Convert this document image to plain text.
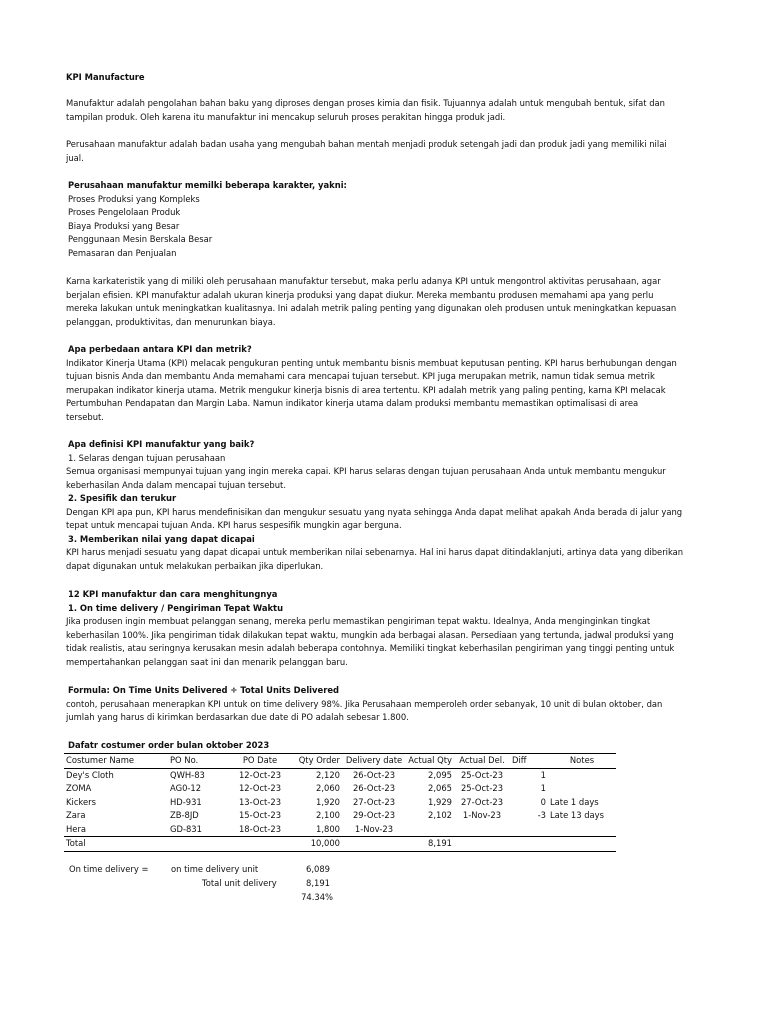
KPI Manufacture
Manufaktur adalah pengolahan bahan baku yang diproses dengan proses kimia dan fisik. Tujuannya adalah untuk mengubah bentuk, sifat dan
tampilan produk. Oleh karena itu manufaktur ini mencakup seluruh proses perakitan hingga produk jadi.
Perusahaan manufaktur adalah badan usaha yang mengubah bahan mentah menjadi produk setengah jadi dan produk jadi yang memiliki nilai
jual.
Perusahaan manufaktur memilki beberapa karakter, yakni:
Proses Produksi yang Kompleks
Proses Pengelolaan Produk
Biaya Produksi yang Besar
Penggunaan Mesin Berskala Besar
Pemasaran dan Penjualan
Karna karkateristik yang di miliki oleh perusahaan manufaktur tersebut, maka perlu adanya KPI untuk mengontrol aktivitas perusahaan, agar
berjalan efisien. KPI manufaktur adalah ukuran kinerja produksi yang dapat diukur. Mereka membantu produsen memahami apa yang perlu
mereka lakukan untuk meningkatkan kualitasnya. Ini adalah metrik paling penting yang digunakan oleh produsen untuk meningkatkan kepuasan
pelanggan, produktivitas, dan menurunkan biaya.
Apa perbedaan antara KPI dan metrik?
Indikator Kinerja Utama (KPI) melacak pengukuran penting untuk membantu bisnis membuat keputusan penting. KPI harus berhubungan dengan
tujuan bisnis Anda dan membantu Anda memahami cara mencapai tujuan tersebut. KPI juga merupakan metrik, namun tidak semua metrik
merupakan indikator kinerja utama. Metrik mengukur kinerja bisnis di area tertentu. KPI adalah metrik yang paling penting, karna KPI melacak
Pertumbuhan Pendapatan dan Margin Laba. Namun indikator kinerja utama dalam produksi membantu memastikan optimalisasi di area
tersebut.
Apa definisi KPI manufaktur yang baik?
1. Selaras dengan tujuan perusahaan
Semua organisasi mempunyai tujuan yang ingin mereka capai. KPI harus selaras dengan tujuan perusahaan Anda untuk membantu mengukur
keberhasilan Anda dalam mencapai tujuan tersebut.
2. Spesifik dan terukur
Dengan KPI apa pun, KPI harus mendefinisikan dan mengukur sesuatu yang nyata sehingga Anda dapat melihat apakah Anda berada di jalur yang
tepat untuk mencapai tujuan Anda. KPI harus sespesifik mungkin agar berguna.
3. Memberikan nilai yang dapat dicapai
KPI harus menjadi sesuatu yang dapat dicapai untuk memberikan nilai sebenarnya. Hal ini harus dapat ditindaklanjuti, artinya data yang diberikan
dapat digunakan untuk melakukan perbaikan jika diperlukan.
12 KPI manufaktur dan cara menghitungnya
1. On time delivery / Pengiriman Tepat Waktu
Jika produsen ingin membuat pelanggan senang, mereka perlu memastikan pengiriman tepat waktu. Idealnya, Anda menginginkan tingkat
keberhasilan 100%. Jika pengiriman tidak dilakukan tepat waktu, mungkin ada berbagai alasan. Persediaan yang tertunda, jadwal produksi yang
tidak realistis, atau seringnya kerusakan mesin adalah beberapa contohnya. Memiliki tingkat keberhasilan pengiriman yang tinggi penting untuk
mempertahankan pelanggan saat ini dan menarik pelanggan baru.
Formula: On Time Units Delivered ÷ Total Units Delivered
contoh, perusahaan menerapkan KPI untuk on time delivery 98%. Jika Perusahaan memperoleh order sebanyak, 10 unit di bulan oktober, dan
jumlah yang harus di kirimkan berdasarkan due date di PO adalah sebesar 1.800.
Dafatr costumer order bulan oktober 2023
Costumer Name	PO No.	PO Date	Qty Order	Delivery date	Actual Qty	Actual Del.	Diff	Notes
Dey's Cloth	QWH-83	12-Oct-23	2,120	26-Oct-23	2,095	25-Oct-23	1	
ZOMA	AG0-12	12-Oct-23	2,060	26-Oct-23	2,065	25-Oct-23	1	
Kickers	HD-931	13-Oct-23	1,920	27-Oct-23	1,929	27-Oct-23	0	Late 1 days
Zara	ZB-8JD	15-Oct-23	2,100	29-Oct-23	2,102	1-Nov-23	-3	Late 13 days
Hera	GD-831	18-Oct-23	1,800	1-Nov-23				
Total			10,000		8,191			
On time delivery =	on time delivery unit	6,089
Total unit delivery	8,191
74.34%
